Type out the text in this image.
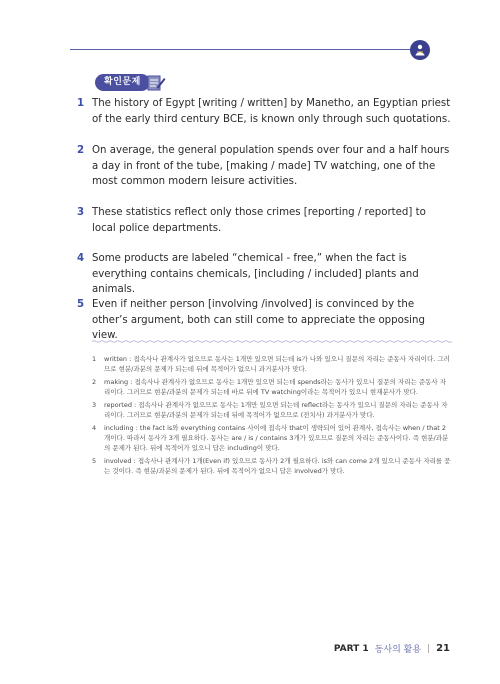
확인문제
1 The history of Egypt [writing / written] by Manetho, an Egyptian priest of the early third century BCE, is known only through such quotations.
2 On average, the general population spends over four and a half hours a day in front of the tube, [making / made] TV watching, one of the most common modern leisure activities.
3 These statistics reflect only those crimes [reporting / reported] to local police departments.
4 Some products are labeled “chemical - free,” when the fact is everything contains chemicals, [including / included] plants and animals.
5 Even if neither person [involving /involved] is convinced by the other’s argument, both can still come to appreciate the opposing view.
1 written : 접속사나 관계사가 없으므로 동사는 1개만 있으면 되는데 is가 나와 있으니 질문의 자리는 준동사 자리이다. 그러므로 현분/과분의 문제가 되는데 뒤에 목적어가 없으니 과거분사가 맞다.
2 making : 접속사나 관계사가 없으므로 동사는 1개만 있으면 되는데 spends라는 동사가 있으니 질문의 자리는 준동사 자리이다. 그러므로 현분/과분의 문제가 되는데 바로 뒤에 TV watching이라는 목적어가 있으니 현재분사가 맞다.
3 reported : 접속사나 관계사가 없으므로 동사는 1개만 있으면 되는데 reflect라는 동사가 있으니 질문의 자리는 준동사 자리이다. 그러므로 현분/과분의 문제가 되는데 뒤에 목적어가 없으므로 (전치사) 과거분사가 맞다.
4 including : the fact is와 everything contains 사이에 접속사 that이 생략되어 있어 관계사, 접속사는 when / that 2개이다. 따라서 동사가 3개 필요하다. 동사는 are / is / contains 3개가 있으므로 질문의 자리는 준동사이다. 즉 현분/과분의 문제가 된다. 뒤에 목적어가 있으니 답은 including이 맞다.
5 involved : 접속사나 관계사가 1개(Even if) 있으므로 동사가 2개 필요하다. is와 can come 2개 있으니 준동사 자리를 묻는 것이다. 즉 현분/과분의 문제가 된다. 뒤에 목적어가 없으니 답은 involved가 맞다.
PART 1 동사의 활용 | 21
